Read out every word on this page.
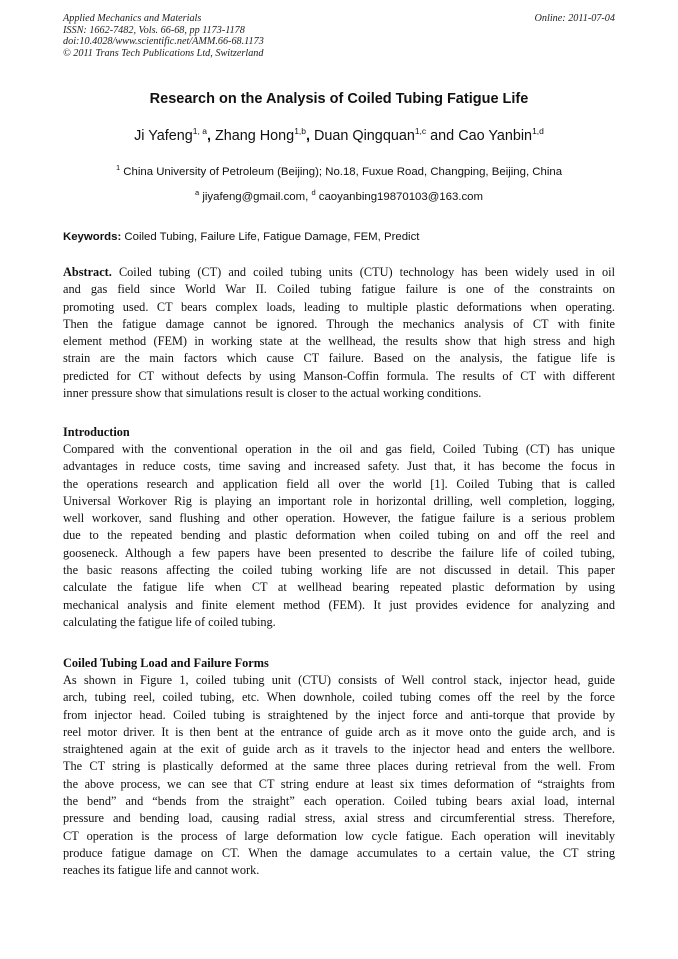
Applied Mechanics and Materials
ISSN: 1662-7482, Vols. 66-68, pp 1173-1178
doi:10.4028/www.scientific.net/AMM.66-68.1173
© 2011 Trans Tech Publications Ltd, Switzerland
Online: 2011-07-04
Research on the Analysis of Coiled Tubing Fatigue Life
Ji Yafeng$^{1, a}$, Zhang Hong$^{1,b}$, Duan Qingquan$^{1,c}$ and Cao Yanbin$^{1,d}$
$^1$ China University of Petroleum (Beijing); No.18, Fuxue Road, Changping, Beijing, China
$^a$ jiyafeng@gmail.com, $^d$ caoyanbing19870103@163.com
Keywords: Coiled Tubing, Failure Life, Fatigue Damage, FEM, Predict
Abstract. Coiled tubing (CT) and coiled tubing units (CTU) technology has been widely used in oil
and gas field since World War II. Coiled tubing fatigue failure is one of the constraints on
promoting used. CT bears complex loads, leading to multiple plastic deformations when operating.
Then the fatigue damage cannot be ignored. Through the mechanics analysis of CT with finite
element method (FEM) in working state at the wellhead, the results show that high stress and high
strain are the main factors which cause CT failure. Based on the analysis, the fatigue life is
predicted for CT without defects by using Manson-Coffin formula. The results of CT with different
inner pressure show that simulations result is closer to the actual working conditions.
Introduction
Compared with the conventional operation in the oil and gas field, Coiled Tubing (CT) has unique
advantages in reduce costs, time saving and increased safety. Just that, it has become the focus in
the operations research and application field all over the world [1]. Coiled Tubing that is called
Universal Workover Rig is playing an important role in horizontal drilling, well completion, logging,
well workover, sand flushing and other operation. However, the fatigue failure is a serious problem
due to the repeated bending and plastic deformation when coiled tubing on and off the reel and
gooseneck. Although a few papers have been presented to describe the failure life of coiled tubing,
the basic reasons affecting the coiled tubing working life are not discussed in detail. This paper
calculate the fatigue life when CT at wellhead bearing repeated plastic deformation by using
mechanical analysis and finite element method (FEM). It just provides evidence for analyzing and
calculating the fatigue life of coiled tubing.
Coiled Tubing Load and Failure Forms
As shown in Figure 1, coiled tubing unit (CTU) consists of Well control stack, injector head, guide
arch, tubing reel, coiled tubing, etc. When downhole, coiled tubing comes off the reel by the force
from injector head. Coiled tubing is straightened by the inject force and anti-torque that provide by
reel motor driver. It is then bent at the entrance of guide arch as it move onto the guide arch, and is
straightened again at the exit of guide arch as it travels to the injector head and enters the wellbore.
The CT string is plastically deformed at the same three places during retrieval from the well. From
the above process, we can see that CT string endure at least six times deformation of “straights from
the bend” and “bends from the straight” each operation. Coiled tubing bears axial load, internal
pressure and bending load, causing radial stress, axial stress and circumferential stress. Therefore,
CT operation is the process of large deformation low cycle fatigue. Each operation will inevitably
produce fatigue damage on CT. When the damage accumulates to a certain value, the CT string
reaches its fatigue life and cannot work.
